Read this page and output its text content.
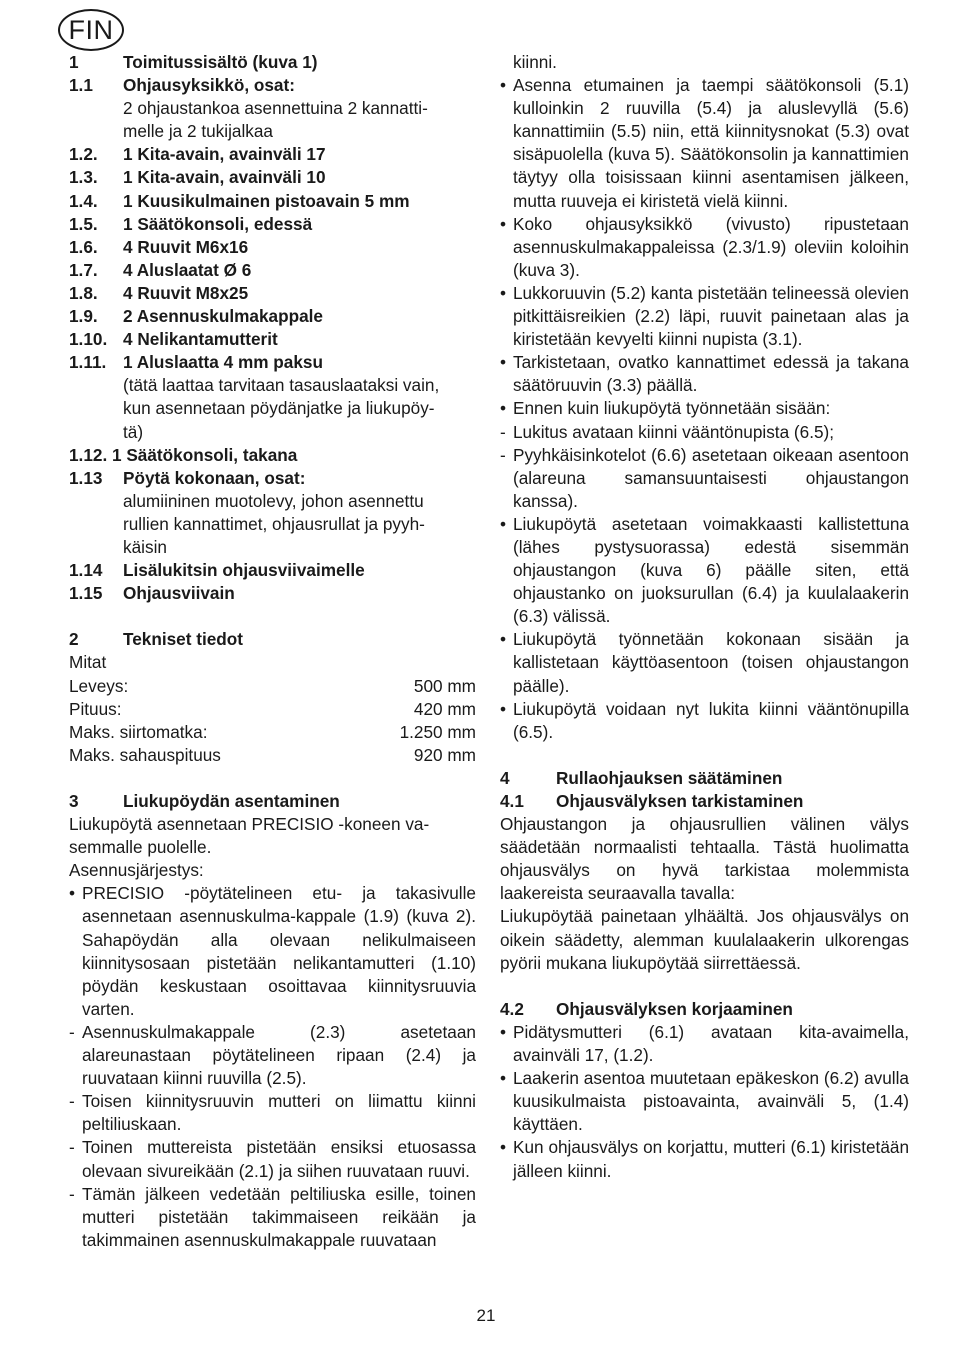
FIN
1	Toimitussisältö (kuva 1)
1.1	Ohjausyksikkö, osat:
2 ohjaustankoa asennettuina 2 kannatti-
melle ja 2 tukijalkaa
1.2.	1 Kita-avain, avainväli 17
1.3.	1 Kita-avain, avainväli 10
1.4.	1 Kuusikulmainen pistoavain 5 mm
1.5.	1 Säätökonsoli, edessä
1.6.	4 Ruuvit M6x16
1.7.	4 Aluslaatat Ø 6
1.8.	4 Ruuvit M8x25
1.9.	2 Asennuskulmakappale
1.10. 4 Nelikantamutterit
1.11. 1 Aluslaatta 4 mm paksu
(tätä laattaa tarvitaan tasauslaataksi vain,
kun asennetaan pöydänjatke ja liukupöy-
tä)
1.12. 1 Säätökonsoli, takana
1.13	Pöytä kokonaan, osat:
alumiininen muotolevy, johon asennettu
rullien kannattimet, ohjausrullat ja pyyh-
käisin
1.14	Lisälukitsin ohjausviivaimelle
1.15	Ohjausviivain
2	Tekniset tiedot
Mitat
Leveys:	500 mm
Pituus:	420 mm
Maks. siirtomatka:	1.250 mm
Maks. sahauspituus	920 mm
3	Liukupöydän asentaminen
Liukupöytä asennetaan PRECISIO -koneen va-
semmalle puolelle.
Asennusjärjestys:
• PRECISIO -pöytätelineen etu- ja takasivulle asennetaan asennuskulma-kappale (1.9) (kuva 2). Sahapöydän alla olevaan nelikulmaiseen kiinnitysosaan pistetään nelikantamutteri (1.10) pöydän keskustaan osoittavaa kiinnitysruuvia varten.
- Asennuskulmakappale (2.3) asetetaan alareunastaan pöytätelineen ripaan (2.4) ja ruuvataan kiinni ruuvilla (2.5).
- Toisen kiinnitysruuvin mutteri on liimattu kiinni peltiliuskaan.
- Toinen muttereista pistetään ensiksi etuosassa olevaan sivureikään (2.1) ja siihen ruuvataan ruuvi.
- Tämän jälkeen vedetään peltiliuska esille, toinen mutteri pistetään takimmaiseen reikään ja takimmainen asennuskulmakappale ruuvataan
kiinni.
• Asenna etumainen ja taempi säätökonsoli (5.1) kulloinkin 2 ruuvilla (5.4) ja aluslevyllä (5.6) kannattimiin (5.5) niin, että kiinnitysnokat (5.3) ovat sisäpuolella (kuva 5). Säätökonsolin ja kannattimien täytyy olla toisissaan kiinni asentamisen jälkeen, mutta ruuveja ei kiristetä vielä kiinni.
• Koko ohjausyksikkö (vivusto) ripustetaan asennuskulmakappaleissa (2.3/1.9) oleviin koloihin (kuva 3).
• Lukkoruuvin (5.2) kanta pistetään telineessä olevien pitkittäisreikien (2.2) läpi, ruuvit painetaan alas ja kiristetään kevyelti kiinni nupista (3.1).
• Tarkistetaan, ovatko kannattimet edessä ja takana säätöruuvin (3.3) päällä.
• Ennen kuin liukupöytä työnnetään sisään:
- Lukitus avataan kiinni vääntönupista (6.5);
- Pyyhkäisinkotelot (6.6) asetetaan oikeaan asentoon (alareuna samansuuntaisesti ohjaustangon kanssa).
• Liukupöytä asetetaan voimakkaasti kallistettuna (lähes pystysuorassa) edestä sisemmän ohjaustangon (kuva 6) päälle siten, että ohjaustanko on juoksurullan (6.4) ja kuulalaakerin (6.3) välissä.
• Liukupöytä työnnetään kokonaan sisään ja kallistetaan käyttöasentoon (toisen ohjaustangon päälle).
• Liukupöytä voidaan nyt lukita kiinni vääntönupilla (6.5).
4	Rullaohjauksen säätäminen
4.1	Ohjausvälyksen tarkistaminen
Ohjaustangon ja ohjausrullien välinen välys säädetään normaalisti tehtaalla. Tästä huolimatta ohjausvälys on hyvä tarkistaa molemmista laakereista seuraavalla tavalla:
Liukupöytää painetaan ylhäältä. Jos ohjausvälys on oikein säädetty, alemman kuulalaakerin ulkorengas pyörii mukana liukupöytää siirrettäessä.
4.2	Ohjausvälyksen korjaaminen
• Pidätysmutteri (6.1) avataan kita-avaimella, avainväli 17, (1.2).
• Laakerin asentoa muutetaan epäkeskon (6.2) avulla kuusikulmaista pistoavainta, avainväli 5, (1.4) käyttäen.
• Kun ohjausvälys on korjattu, mutteri (6.1) kiristetään jälleen kiinni.
21
